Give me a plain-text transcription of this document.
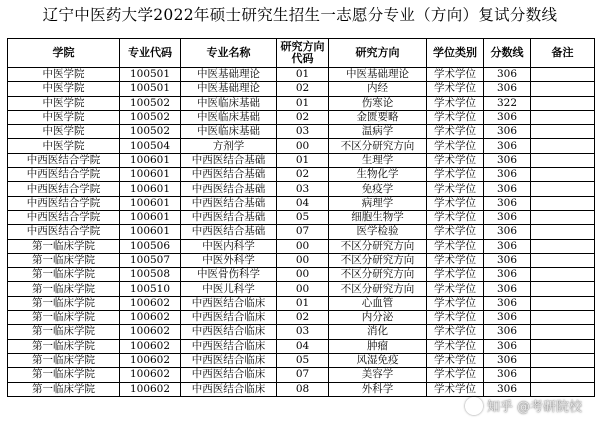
辽宁中医药大学2022年硕士研究生招生一志愿分专业（方向）复试分数线
学院	专业代码	专业名称	研究方向代码	研究方向	学位类别	分数线	备注
中医学院	100501	中医基础理论	01	中医基础理论	学术学位	306	
中医学院	100501	中医基础理论	02	内经	学术学位	306	
中医学院	100502	中医临床基础	01	伤寒论	学术学位	322	
中医学院	100502	中医临床基础	02	金匮要略	学术学位	306	
中医学院	100502	中医临床基础	03	温病学	学术学位	306	
中医学院	100504	方剂学	00	不区分研究方向	学术学位	306	
中西医结合学院	100601	中西医结合基础	01	生理学	学术学位	306	
中西医结合学院	100601	中西医结合基础	02	生物化学	学术学位	306	
中西医结合学院	100601	中西医结合基础	03	免疫学	学术学位	306	
中西医结合学院	100601	中西医结合基础	04	病理学	学术学位	306	
中西医结合学院	100601	中西医结合基础	05	细胞生物学	学术学位	306	
中西医结合学院	100601	中西医结合基础	07	医学检验	学术学位	306	
第一临床学院	100506	中医内科学	00	不区分研究方向	学术学位	306	
第一临床学院	100507	中医外科学	00	不区分研究方向	学术学位	306	
第一临床学院	100508	中医骨伤科学	00	不区分研究方向	学术学位	306	
第一临床学院	100510	中医儿科学	00	不区分研究方向	学术学位	306	
第一临床学院	100602	中西医结合临床	01	心血管	学术学位	306	
第一临床学院	100602	中西医结合临床	02	内分泌	学术学位	306	
第一临床学院	100602	中西医结合临床	03	消化	学术学位	306	
第一临床学院	100602	中西医结合临床	04	肿瘤	学术学位	306	
第一临床学院	100602	中西医结合临床	05	风湿免疫	学术学位	306	
第一临床学院	100602	中西医结合临床	07	美容学	学术学位	306	
第一临床学院	100602	中西医结合临床	08	外科学	学术学位	306	
◎ 知乎 @考研院校
